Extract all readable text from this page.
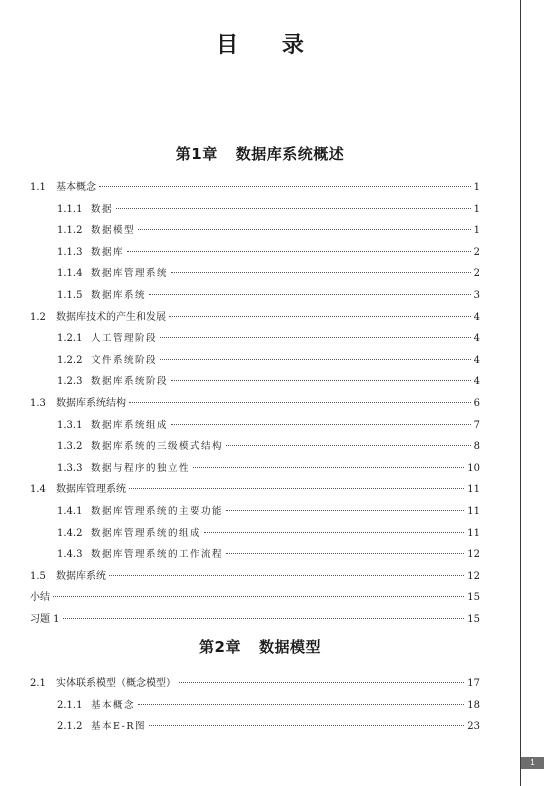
1
目 录
第1章 数据库系统概述
1.1	基本概念	1
1.1.1 数据	1
1.1.2 数据模型	1
1.1.3 数据库	2
1.1.4 数据库管理系统	2
1.1.5 数据库系统	3
1.2	数据库技术的产生和发展	4
1.2.1 人工管理阶段	4
1.2.2 文件系统阶段	4
1.2.3 数据库系统阶段	4
1.3	数据库系统结构	6
1.3.1 数据库系统组成	7
1.3.2 数据库系统的三级模式结构	8
1.3.3 数据与程序的独立性	10
1.4	数据库管理系统	11
1.4.1 数据库管理系统的主要功能	11
1.4.2 数据库管理系统的组成	11
1.4.3 数据库管理系统的工作流程	12
1.5	数据库系统	12
小结	15
习题 1	15
第2章 数据模型
2.1	实体联系模型（概念模型）	17
2.1.1 基本概念	18
2.1.2 基本E-R图	23
